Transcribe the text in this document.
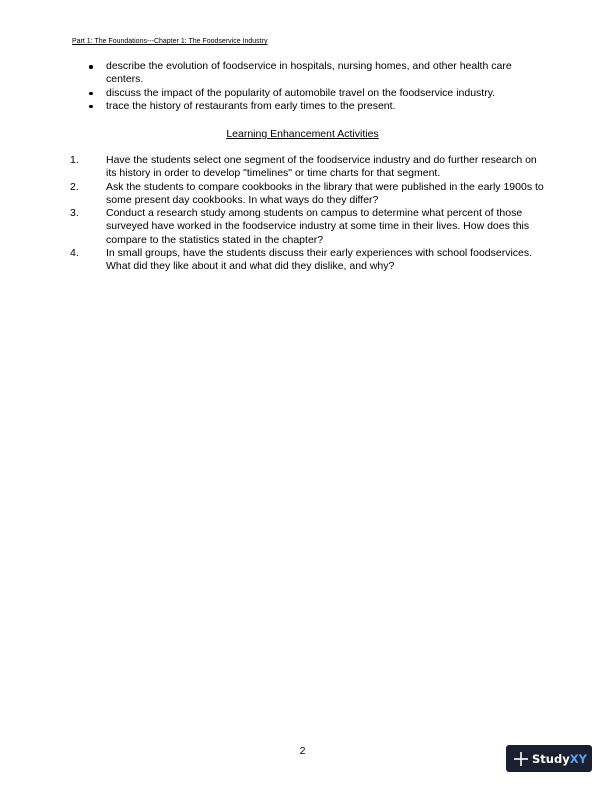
Part 1: The Foundations---Chapter 1: The Foodservice Industry

describe the evolution of foodservice in hospitals, nursing homes, and other health care centers.

discuss the impact of the popularity of automobile travel on the foodservice industry.

trace the history of restaurants from early times to the present.

Learning Enhancement Activities

1.	Have the students select one segment of the foodservice industry and do further research on its history in order to develop "timelines" or time charts for that segment.

2.	Ask the students to compare cookbooks in the library that were published in the early 1900s to some present day cookbooks. In what ways do they differ?

3.	Conduct a research study among students on campus to determine what percent of those surveyed have worked in the foodservice industry at some time in their lives. How does this compare to the statistics stated in the chapter?

4.	In small groups, have the students discuss their early experiences with school foodservices. What did they like about it and what did they dislike, and why?

2
StudyXY
